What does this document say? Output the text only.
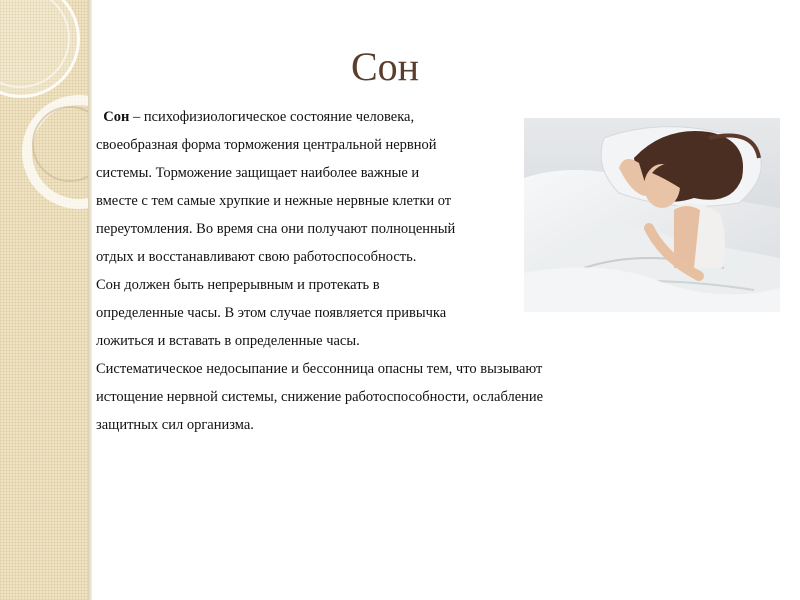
Сон
Сон – психофизиологическое состояние человека,
своеобразная форма торможения центральной нервной
системы. Торможение защищает наиболее важные и
вместе с тем самые хрупкие и нежные нервные клетки от
переутомления. Во время сна они получают полноценный
отдых и восстанавливают свою работоспособность.
Сон должен быть непрерывным и протекать в
определенные часы. В этом случае появляется привычка
ложиться и вставать в определенные часы.
Систематическое недосыпание и бессонница опасны тем, что вызывают
истощение нервной системы, снижение работоспособности, ослабление
защитных сил организма.
